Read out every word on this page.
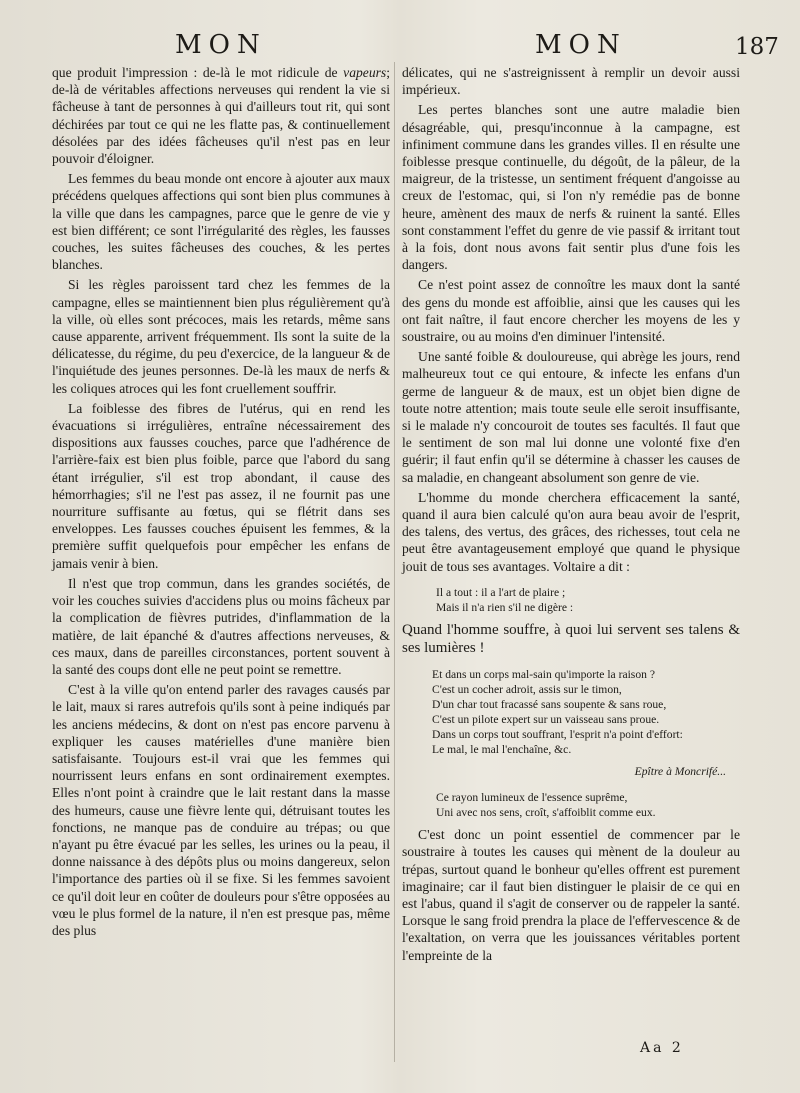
MON	MON	187

que produit l'impression : de-là le mot ridicule de vapeurs; de-là de véritables affections nerveuses qui rendent la vie si fâcheuse à tant de personnes à qui d'ailleurs tout rit, qui sont déchirées par tout ce qui ne les flatte pas, & continuellement désolées par des idées fâcheuses qu'il n'est pas en leur pouvoir d'éloigner.

Les femmes du beau monde ont encore à ajouter aux maux précédens quelques affections qui sont bien plus communes à la ville que dans les campagnes, parce que le genre de vie y est bien différent; ce sont l'irrégularité des règles, les fausses couches, les suites fâcheuses des couches, & les pertes blanches.

Si les règles paroissent tard chez les femmes de la campagne, elles se maintiennent bien plus régulièrement qu'à la ville, où elles sont précoces, mais les retards, même sans cause apparente, arrivent fréquemment. Ils sont la suite de la délicatesse, du régime, du peu d'exercice, de la langueur & de l'inquiétude des jeunes personnes. De-là les maux de nerfs & les coliques atroces qui les font cruellement souffrir.

La foiblesse des fibres de l'utérus, qui en rend les évacuations si irrégulières, entraîne nécessairement des dispositions aux fausses couches, parce que l'adhérence de l'arrière-faix est bien plus foible, parce que l'abord du sang étant irrégulier, s'il est trop abondant, il cause des hémorrhagies; s'il ne l'est pas assez, il ne fournit pas une nourriture suffisante au fœtus, qui se flétrit dans ses enveloppes. Les fausses couches épuisent les femmes, & la première suffit quelquefois pour empêcher les enfans de jamais venir à bien.

Il n'est que trop commun, dans les grandes sociétés, de voir les couches suivies d'accidens plus ou moins fâcheux par la complication de fièvres putrides, d'inflammation de la matière, de lait épanché & d'autres affections nerveuses, & ces maux, dans de pareilles circonstances, portent souvent à la santé des coups dont elle ne peut point se remettre.

C'est à la ville qu'on entend parler des ravages causés par le lait, maux si rares autrefois qu'ils sont à peine indiqués par les anciens médecins, & dont on n'est pas encore parvenu à expliquer les causes matérielles d'une manière bien satisfaisante. Toujours est-il vrai que les femmes qui nourrissent leurs enfans en sont ordinairement exemptes. Elles n'ont point à craindre que le lait restant dans la masse des humeurs, cause une fièvre lente qui, détruisant toutes les fonctions, ne manque pas de conduire au trépas; ou que n'ayant pu être évacué par les selles, les urines ou la peau, il donne naissance à des dépôts plus ou moins dangereux, selon l'importance des parties où il se fixe. Si les femmes savoient ce qu'il doit leur en coûter de douleurs pour s'être opposées au vœu le plus formel de la nature, il n'en est presque pas, même des plus

délicates, qui ne s'astreignissent à remplir un devoir aussi impérieux.

Les pertes blanches sont une autre maladie bien désagréable, qui, presqu'inconnue à la campagne, est infiniment commune dans les grandes villes. Il en résulte une foiblesse presque continuelle, du dégoût, de la pâleur, de la maigreur, de la tristesse, un sentiment fréquent d'angoisse au creux de l'estomac, qui, si l'on n'y remédie pas de bonne heure, amènent des maux de nerfs & ruinent la santé. Elles sont constamment l'effet du genre de vie passif & irritant tout à la fois, dont nous avons fait sentir plus d'une fois les dangers.

Ce n'est point assez de connoître les maux dont la santé des gens du monde est affoiblie, ainsi que les causes qui les ont fait naître, il faut encore chercher les moyens de les y soustraire, ou au moins d'en diminuer l'intensité.

Une santé foible & douloureuse, qui abrège les jours, rend malheureux tout ce qui entoure, & infecte les enfans d'un germe de langueur & de maux, est un objet bien digne de toute notre attention; mais toute seule elle seroit insuffisante, si le malade n'y concouroit de toutes ses facultés. Il faut que le sentiment de son mal lui donne une volonté fixe d'en guérir; il faut enfin qu'il se détermine à chasser les causes de sa maladie, en changeant absolument son genre de vie.

L'homme du monde cherchera efficacement la santé, quand il aura bien calculé qu'on aura beau avoir de l'esprit, des talens, des vertus, des grâces, des richesses, tout cela ne peut être avantageusement employé que quand le physique jouit de tous ses avantages. Voltaire a dit :

Il a tout : il a l'art de plaire ;
Mais il n'a rien s'il ne digère :

Quand l'homme souffre, à quoi lui servent ses talens & ses lumières !

Et dans un corps mal-sain qu'importe la raison ?
C'est un cocher adroit, assis sur le timon,
D'un char tout fracassé sans soupente & sans roue,
C'est un pilote expert sur un vaisseau sans proue.
Dans un corps tout souffrant, l'esprit n'a point d'effort:
Le mal, le mal l'enchaîne, &c.
Epître à Moncrifé...
Ce rayon lumineux de l'essence suprême,
Uni avec nos sens, croît, s'affoiblit comme eux.

C'est donc un point essentiel de commencer par le soustraire à toutes les causes qui mènent de la douleur au trépas, surtout quand le bonheur qu'elles offrent est purement imaginaire; car il faut bien distinguer le plaisir de ce qui en est l'abus, quand il s'agit de conserver ou de rappeler la santé. Lorsque le sang froid prendra la place de l'effervescence & de l'exaltation, on verra que les jouissances véritables portent l'empreinte de la

Aa 2
